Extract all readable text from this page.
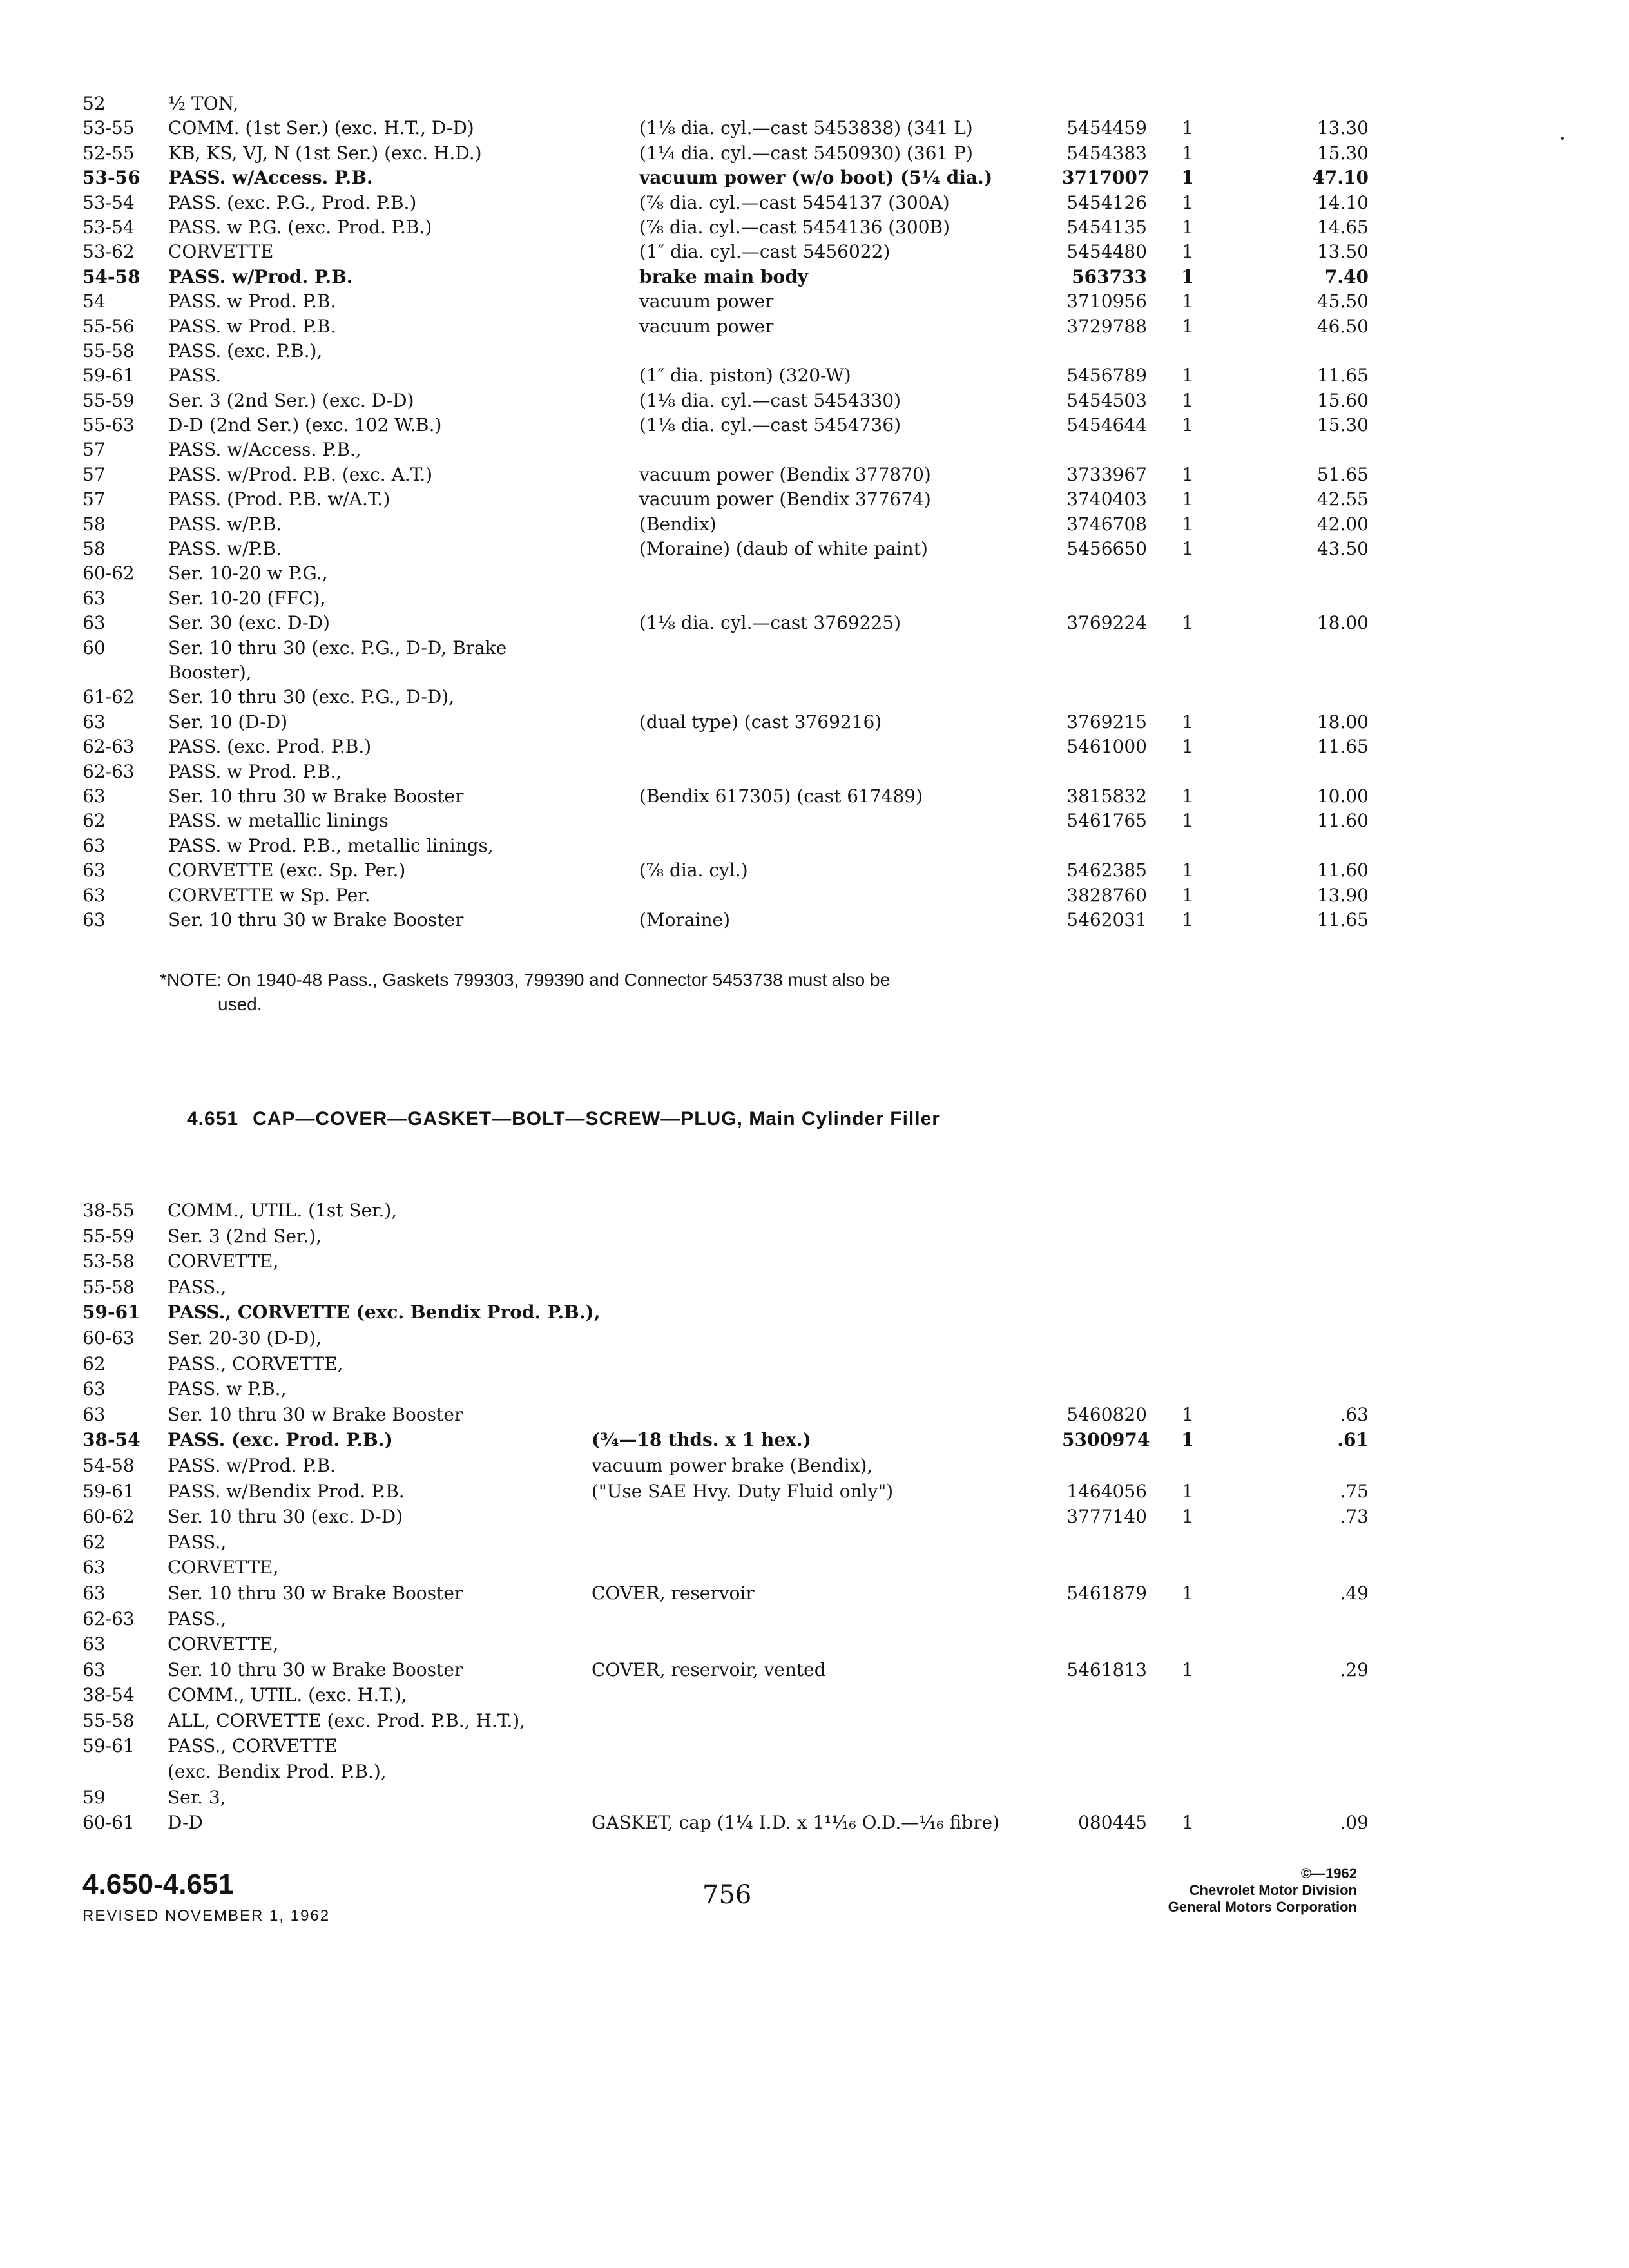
52	½ TON,
53-55 COMM. (1st Ser.) (exc. H.T., D-D)	(1⅛ dia. cyl.—cast 5453838) (341 L)	5454459 1	13.30
52-55 KB, KS, VJ, N (1st Ser.) (exc. H.D.)	(1¼ dia. cyl.—cast 5450930) (361 P)	5454383 1	15.30
53-56 PASS. w/Access. P.B.	vacuum power (w/o boot) (5¼ dia.)	3717007 1	47.10
53-54 PASS. (exc. P.G., Prod. P.B.)	(⅞ dia. cyl.—cast 5454137 (300A)	5454126 1	14.10
53-54 PASS. w P.G. (exc. Prod. P.B.)	(⅞ dia. cyl.—cast 5454136 (300B)	5454135 1	14.65
53-62 CORVETTE	(1″ dia. cyl.—cast 5456022)	5454480 1	13.50
54-58 PASS. w/Prod. P.B.	brake main body	563733 1	7.40
54	PASS. w Prod. P.B.	vacuum power	3710956 1	45.50
55-56 PASS. w Prod. P.B.	vacuum power	3729788 1	46.50
55-58 PASS. (exc. P.B.),
59-61 PASS.	(1″ dia. piston) (320-W)	5456789 1	11.65
55-59 Ser. 3 (2nd Ser.) (exc. D-D)	(1⅛ dia. cyl.—cast 5454330)	5454503 1	15.60
55-63 D-D (2nd Ser.) (exc. 102 W.B.)	(1⅛ dia. cyl.—cast 5454736)	5454644 1	15.30
57	PASS. w/Access. P.B.,
57	PASS. w/Prod. P.B. (exc. A.T.)	vacuum power (Bendix 377870)	3733967 1	51.65
57	PASS. (Prod. P.B. w/A.T.)	vacuum power (Bendix 377674)	3740403 1	42.55
58	PASS. w/P.B.	(Bendix)	3746708 1	42.00
58	PASS. w/P.B.	(Moraine) (daub of white paint)	5456650 1	43.50
60-62 Ser. 10-20 w P.G.,
63	Ser. 10-20 (FFC),
63	Ser. 30 (exc. D-D)	(1⅛ dia. cyl.—cast 3769225)	3769224 1	18.00
60	Ser. 10 thru 30 (exc. P.G., D-D, Brake
Booster),
61-62 Ser. 10 thru 30 (exc. P.G., D-D),
63	Ser. 10 (D-D)	(dual type) (cast 3769216)	3769215 1	18.00
62-63 PASS. (exc. Prod. P.B.)	5461000 1	11.65
62-63 PASS. w Prod. P.B.,
63	Ser. 10 thru 30 w Brake Booster	(Bendix 617305) (cast 617489)	3815832 1	10.00
62	PASS. w metallic linings	5461765 1	11.60
63	PASS. w Prod. P.B., metallic linings,
63	CORVETTE (exc. Sp. Per.)	(⅞ dia. cyl.)	5462385 1	11.60
63	CORVETTE w Sp. Per.	3828760 1	13.90
63	Ser. 10 thru 30 w Brake Booster	(Moraine)	5462031 1	11.65
*NOTE: On 1940-48 Pass., Gaskets 799303, 799390 and Connector 5453738 must also be
used.
4.651 CAP—COVER—GASKET—BOLT—SCREW—PLUG, Main Cylinder Filler
38-55 COMM., UTIL. (1st Ser.),
55-59 Ser. 3 (2nd Ser.),
53-58 CORVETTE,
55-58 PASS.,
59-61 PASS., CORVETTE (exc. Bendix Prod. P.B.),
60-63 Ser. 20-30 (D-D),
62	PASS., CORVETTE,
63	PASS. w P.B.,
63	Ser. 10 thru 30 w Brake Booster	5460820 1	.63
38-54 PASS. (exc. Prod. P.B.)	(¾—18 thds. x 1 hex.)	5300974 1	.61
54-58 PASS. w/Prod. P.B.	vacuum power brake (Bendix),
59-61 PASS. w/Bendix Prod. P.B.	("Use SAE Hvy. Duty Fluid only")	1464056 1	.75
60-62 Ser. 10 thru 30 (exc. D-D)	3777140 1	.73
62	PASS.,
63	CORVETTE,
63	Ser. 10 thru 30 w Brake Booster	COVER, reservoir	5461879 1	.49
62-63 PASS.,
63	CORVETTE,
63	Ser. 10 thru 30 w Brake Booster	COVER, reservoir, vented	5461813 1	.29
38-54 COMM., UTIL. (exc. H.T.),
55-58 ALL, CORVETTE (exc. Prod. P.B., H.T.),
59-61 PASS., CORVETTE
(exc. Bendix Prod. P.B.),
59	Ser. 3,
60-61 D-D	GASKET, cap (1¼ I.D. x 1¹¹⁄₁₆ O.D.—¹⁄₁₆ fibre)	080445 1	.09
4.650-4.651
REVISED NOVEMBER 1, 1962
756
©—1962
Chevrolet Motor Division
General Motors Corporation
